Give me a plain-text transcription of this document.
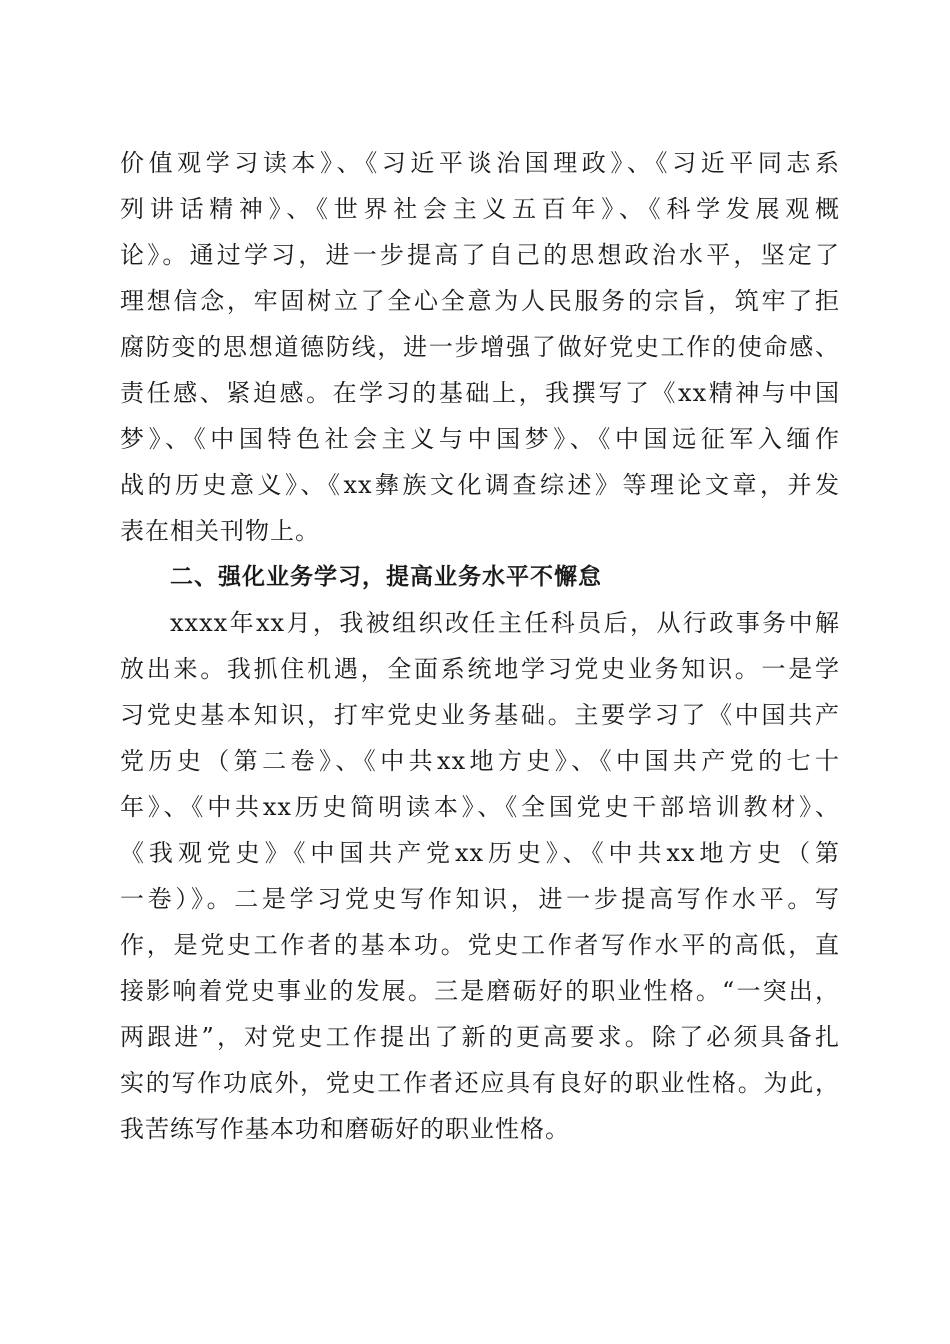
价值观学习读本》、《习近平谈治国理政》、《习近平同志系
列讲话精神》、《世界社会主义五百年》、《科学发展观概
论》。通过学习，进一步提高了自己的思想政治水平，坚定了
理想信念，牢固树立了全心全意为人民服务的宗旨，筑牢了拒
腐防变的思想道德防线，进一步增强了做好党史工作的使命感、
责任感、紧迫感。在学习的基础上，我撰写了《xx精神与中国
梦》、《中国特色社会主义与中国梦》、《中国远征军入缅作
战的历史意义》、《xx彝族文化调查综述》等理论文章，并发
表在相关刊物上。
二、强化业务学习，提高业务水平不懈怠
xxxx年xx月，我被组织改任主任科员后，从行政事务中解
放出来。我抓住机遇，全面系统地学习党史业务知识。一是学
习党史基本知识，打牢党史业务基础。主要学习了《中国共产
党历史（第二卷》、《中共xx地方史》、《中国共产党的七十
年》、《中共xx历史简明读本》、《全国党史干部培训教材》、
《我观党史》《中国共产党xx历史》、《中共xx地方史（第
一卷）》。二是学习党史写作知识，进一步提高写作水平。写
作，是党史工作者的基本功。党史工作者写作水平的高低，直
接影响着党史事业的发展。三是磨砺好的职业性格。“一突出，
两跟进”，对党史工作提出了新的更高要求。除了必须具备扎
实的写作功底外，党史工作者还应具有良好的职业性格。为此，
我苦练写作基本功和磨砺好的职业性格。
